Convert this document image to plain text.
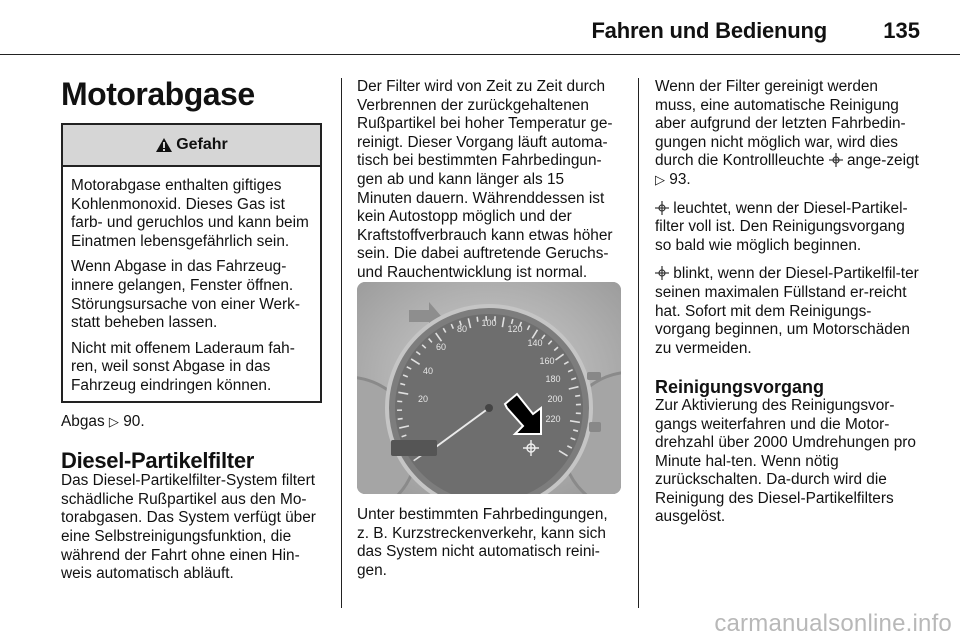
Fahren und Bedienung	135
Motorabgase
Gefahr

Motorabgase enthalten giftiges Kohlenmonoxid. Dieses Gas ist farb- und geruchlos und kann beim Einatmen lebensgefährlich sein.

Wenn Abgase in das Fahrzeug-innere gelangen, Fenster öffnen. Störungsursache von einer Werk-statt beheben lassen.

Nicht mit offenem Laderaum fah-ren, weil sonst Abgase in das Fahrzeug eindringen können.

Abgas ▷ 90.

Diesel-Partikelfilter

Das Diesel-Partikelfilter-System filtert schädliche Rußpartikel aus den Mo-torabgasen. Das System verfügt über eine Selbstreinigungsfunktion, die während der Fahrt ohne einen Hin-weis automatisch abläuft.

Der Filter wird von Zeit zu Zeit durch Verbrennen der zurückgehaltenen Rußpartikel bei hoher Temperatur ge-reinigt. Dieser Vorgang läuft automa-tisch bei bestimmten Fahrbedingun-gen ab und kann länger als 15 Minuten dauern. Währenddessen ist kein Autostopp möglich und der Kraftstoffverbrauch kann etwas höher sein. Die dabei auftretende Geruchs- und Rauchentwicklung ist normal.

20
40
60
80
100
120
140
160
180
200
220

Unter bestimmten Fahrbedingungen, z. B. Kurzstreckenverkehr, kann sich das System nicht automatisch reini-gen.

Wenn der Filter gereinigt werden muss, eine automatische Reinigung aber aufgrund der letzten Fahrbedin-gungen nicht möglich war, wird dies durch die Kontrollleuchte ange-zeigt ▷ 93.

leuchtet, wenn der Diesel-Partikel-filter voll ist. Den Reinigungsvorgang so bald wie möglich beginnen.

blinkt, wenn der Diesel-Partikelfil-ter seinen maximalen Füllstand er-reicht hat. Sofort mit dem Reinigungs-vorgang beginnen, um Motorschäden zu vermeiden.

Reinigungsvorgang

Zur Aktivierung des Reinigungsvor-gangs weiterfahren und die Motor-drehzahl über 2000 Umdrehungen pro Minute hal-ten. Wenn nötig zurückschalten. Da-durch wird die Reinigung des Diesel-Partikelfilters ausgelöst.

carmanualsonline.info
